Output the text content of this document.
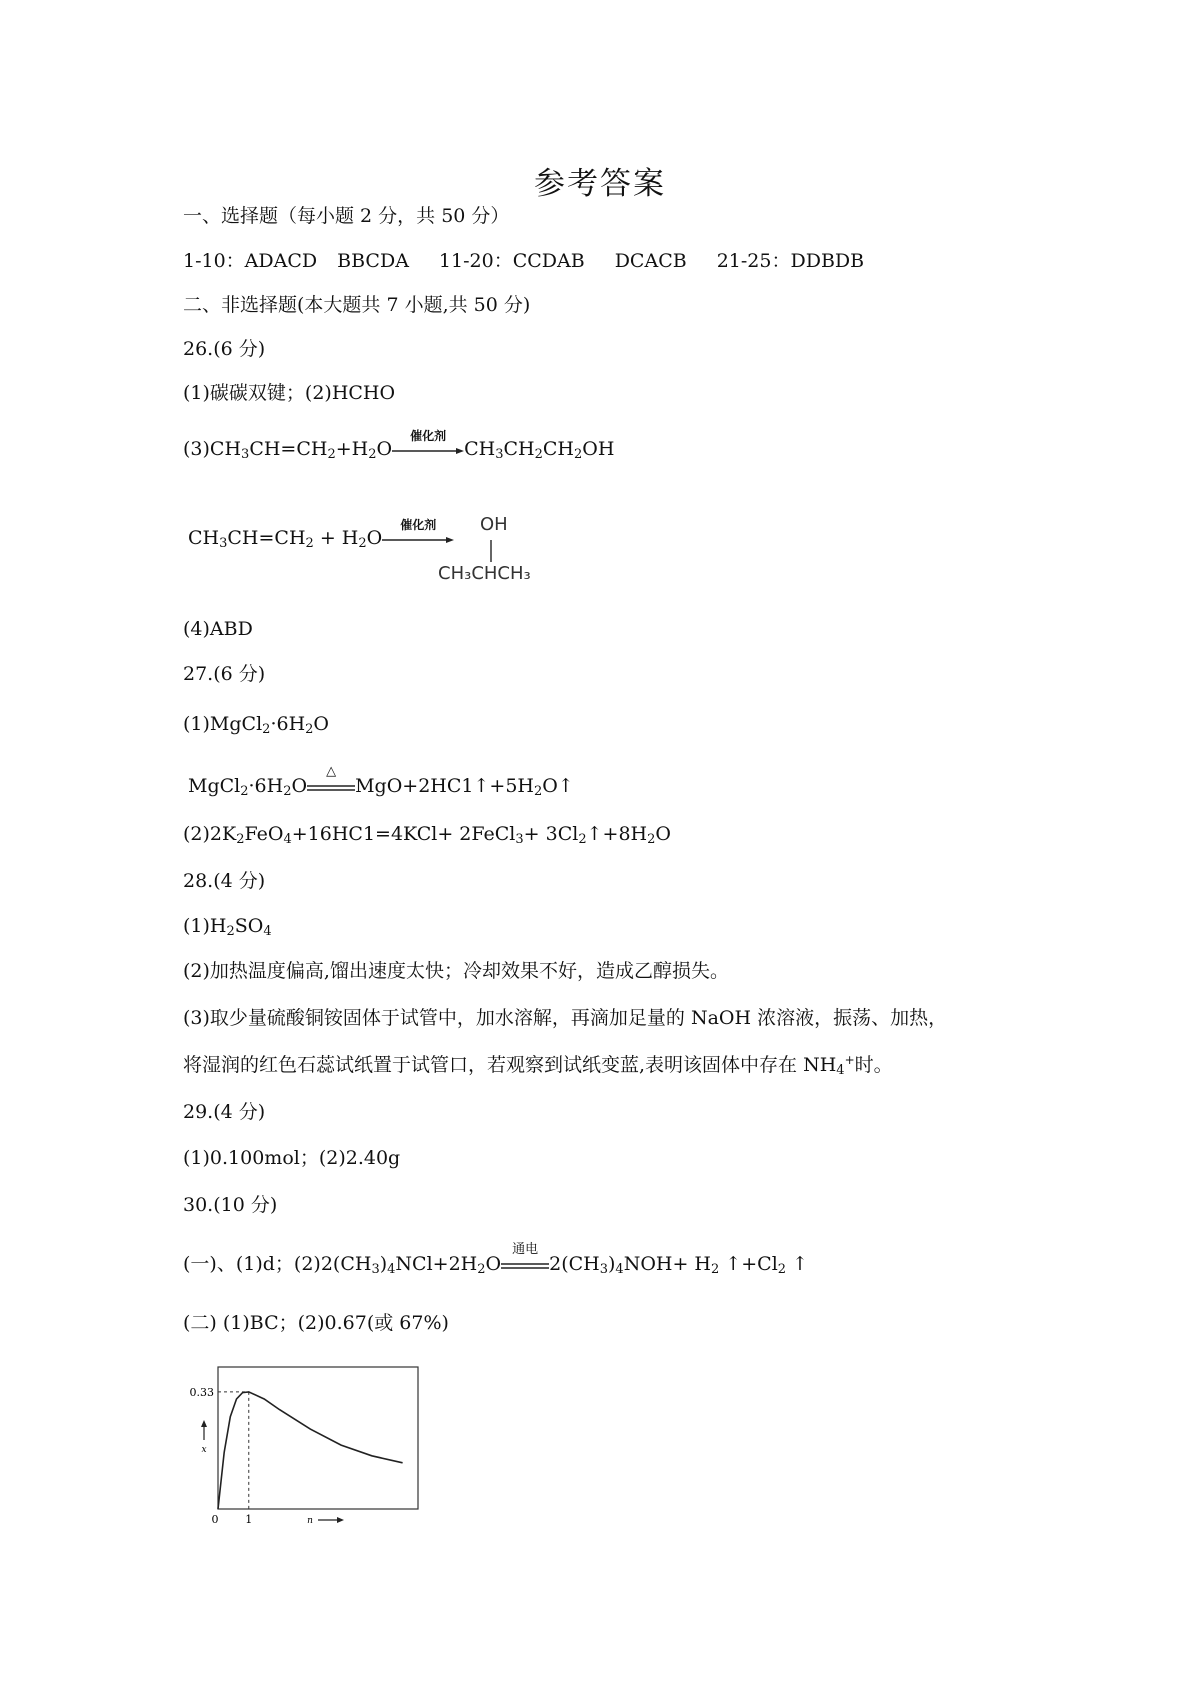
参考答案
一、选择题（每小题 2 分，共 50 分）
1-10：ADACD BBCDA 11-20：CCDAB DCACB 21-25：DDBDB
二、非选择题(本大题共 7 小题,共 50 分)
26.(6 分)
(1)碳碳双键；(2)HCHO
$(3)CH_3CH=CH_2+H_2O$
催化剂
$CH_3CH_2CH_2OH$
$CH_3CH=CH_2 + H_2O$
催化剂	OH
CH₃CHCH₃
(4)ABD
27.(6 分)
$(1)MgCl_2\cdot 6H_2O$
$MgCl_2\cdot 6H_2O$
△
$MgO+2HC1↑+5H_2O↑$
$(2)2K_2FeO_4+16HC1=4KCl+$ 2FeCl$_3$+ $3Cl_2↑+8H_2O$
28.(4 分)
$(1)H_2SO_4$
(2)加热温度偏高,馏出速度太快；冷却效果不好，造成乙醇损失。
(3)取少量硫酸铜铵固体于试管中，加水溶解，再滴加足量的 NaOH 浓溶液，振荡、加热，
将湿润的红色石蕊试纸置于试管口，若观察到试纸变蓝,表明该固体中存在 $NH_4^+$时。
29.(4 分)
(1)0.100mol；(2)2.40g
30.(10 分)
(一)、(1)d；$(2)2(CH_3)_4NCl+2H_2O$
通电
$2(CH_3)_4NOH+ H_2$ $↑+Cl_2$ ↑
(二) (1)BC；(2)0.67(或 67%)
0.33
0 1
x
n
